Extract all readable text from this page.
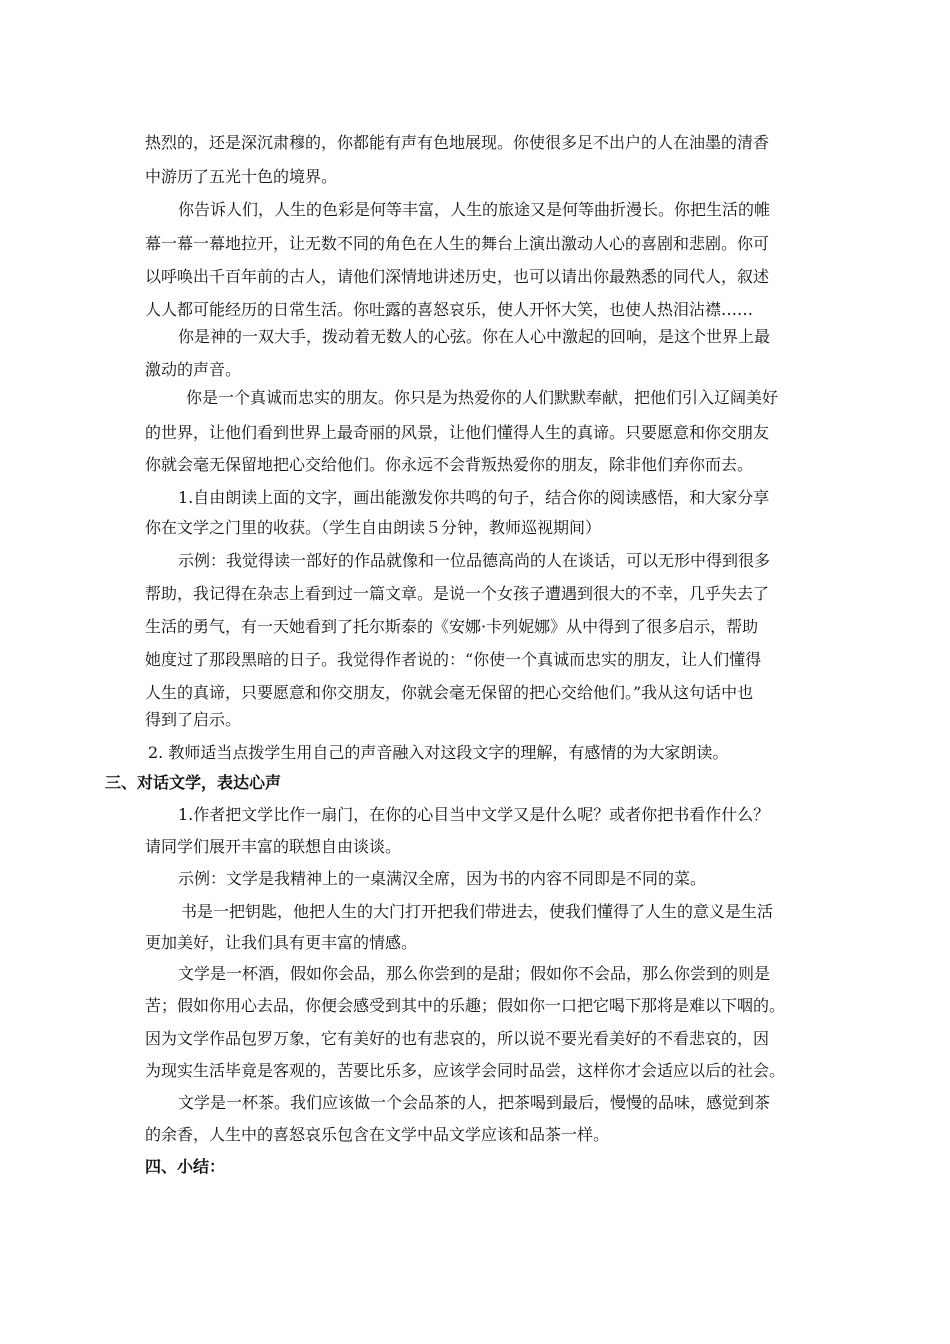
热烈的，还是深沉肃穆的，你都能有声有色地展现。你使很多足不出户的人在油墨的清香
中游历了五光十色的境界。
你告诉人们，人生的色彩是何等丰富，人生的旅途又是何等曲折漫长。你把生活的帷
幕一幕一幕地拉开，让无数不同的角色在人生的舞台上演出激动人心的喜剧和悲剧。你可
以呼唤出千百年前的古人，请他们深情地讲述历史，也可以请出你最熟悉的同代人，叙述
人人都可能经历的日常生活。你吐露的喜怒哀乐，使人开怀大笑，也使人热泪沾襟……
你是神的一双大手，拨动着无数人的心弦。你在人心中激起的回响，是这个世界上最
激动的声音。
你是一个真诚而忠实的朋友。你只是为热爱你的人们默默奉献，把他们引入辽阔美好
的世界，让他们看到世界上最奇丽的风景，让他们懂得人生的真谛。只要愿意和你交朋友
你就会毫无保留地把心交给他们。你永远不会背叛热爱你的朋友，除非他们弃你而去。
1.自由朗读上面的文字，画出能激发你共鸣的句子，结合你的阅读感悟，和大家分享
你在文学之门里的收获。（学生自由朗读５分钟，教师巡视期间）
示例：我觉得读一部好的作品就像和一位品德高尚的人在谈话，可以无形中得到很多
帮助，我记得在杂志上看到过一篇文章。是说一个女孩子遭遇到很大的不幸，几乎失去了
生活的勇气，有一天她看到了托尔斯泰的《安娜·卡列妮娜》从中得到了很多启示，帮助
她度过了那段黑暗的日子。我觉得作者说的：“你使一个真诚而忠实的朋友，让人们懂得
人生的真谛，只要愿意和你交朋友，你就会毫无保留的把心交给他们。”我从这句话中也
得到了启示。
2. 教师适当点拨学生用自己的声音融入对这段文字的理解，有感情的为大家朗读。
三、对话文学，表达心声
1.作者把文学比作一扇门，在你的心目当中文学又是什么呢？或者你把书看作什么？
请同学们展开丰富的联想自由谈谈。
示例：文学是我精神上的一桌满汉全席，因为书的内容不同即是不同的菜。
书是一把钥匙，他把人生的大门打开把我们带进去，使我们懂得了人生的意义是生活
更加美好，让我们具有更丰富的情感。
文学是一杯酒，假如你会品，那么你尝到的是甜；假如你不会品，那么你尝到的则是
苦；假如你用心去品，你便会感受到其中的乐趣；假如你一口把它喝下那将是难以下咽的。
因为文学作品包罗万象，它有美好的也有悲哀的，所以说不要光看美好的不看悲哀的，因
为现实生活毕竟是客观的，苦要比乐多，应该学会同时品尝，这样你才会适应以后的社会。
文学是一杯茶。我们应该做一个会品茶的人，把茶喝到最后，慢慢的品味，感觉到茶
的余香，人生中的喜怒哀乐包含在文学中品文学应该和品茶一样。
四、小结：
